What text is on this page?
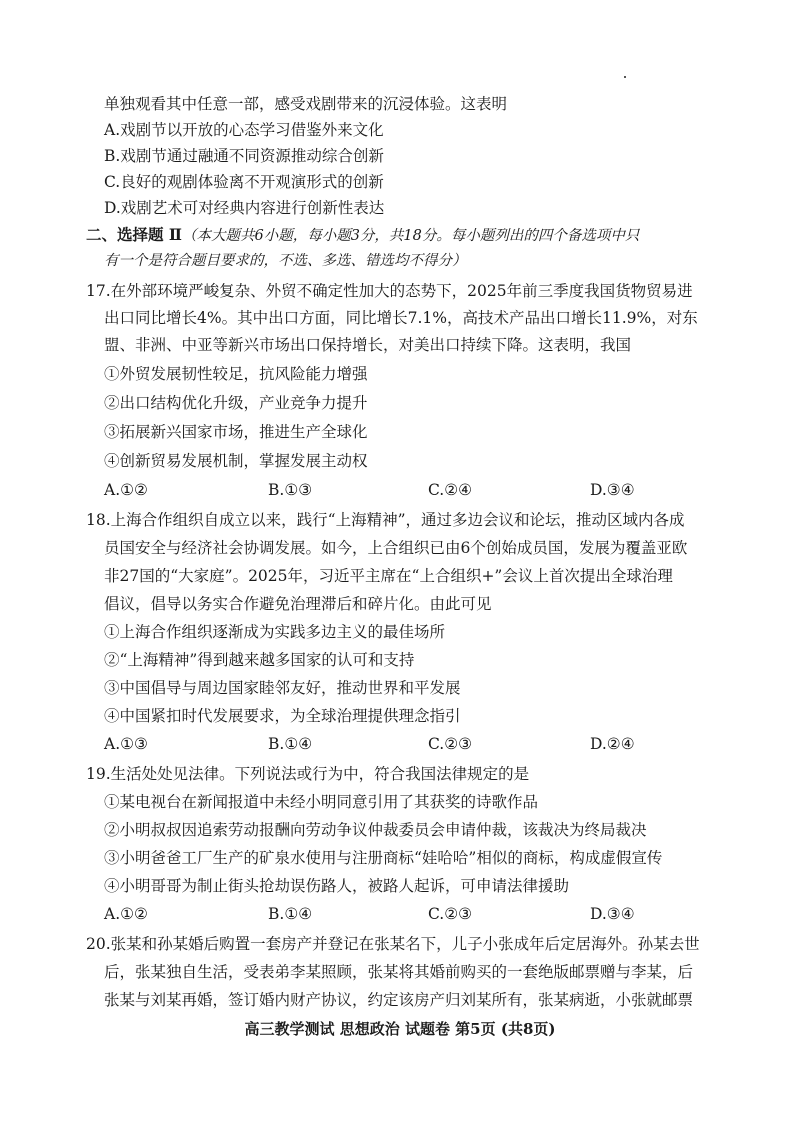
单独观看其中任意一部，感受戏剧带来的沉浸体验。这表明
A.戏剧节以开放的心态学习借鉴外来文化
B.戏剧节通过融通不同资源推动综合创新
C.良好的观剧体验离不开观演形式的创新
D.戏剧艺术可对经典内容进行创新性表达
二、选择题 Ⅱ（本大题共6小题，每小题3分，共18分。每小题列出的四个备选项中只
有一个是符合题目要求的，不选、多选、错选均不得分）
17.在外部环境严峻复杂、外贸不确定性加大的态势下，2025年前三季度我国货物贸易进
出口同比增长4%。其中出口方面，同比增长7.1%，高技术产品出口增长11.9%，对东
盟、非洲、中亚等新兴市场出口保持增长，对美出口持续下降。这表明，我国
①外贸发展韧性较足，抗风险能力增强
②出口结构优化升级，产业竞争力提升
③拓展新兴国家市场，推进生产全球化
④创新贸易发展机制，掌握发展主动权
A.①②	B.①③	C.②④	D.③④
18.上海合作组织自成立以来，践行“上海精神”，通过多边会议和论坛，推动区域内各成
员国安全与经济社会协调发展。如今，上合组织已由6个创始成员国，发展为覆盖亚欧
非27国的“大家庭”。2025年，习近平主席在“上合组织+”会议上首次提出全球治理
倡议，倡导以务实合作避免治理滞后和碎片化。由此可见
①上海合作组织逐渐成为实践多边主义的最佳场所
②“上海精神”得到越来越多国家的认可和支持
③中国倡导与周边国家睦邻友好，推动世界和平发展
④中国紧扣时代发展要求，为全球治理提供理念指引
A.①③	B.①④	C.②③	D.②④
19.生活处处见法律。下列说法或行为中，符合我国法律规定的是
①某电视台在新闻报道中未经小明同意引用了其获奖的诗歌作品
②小明叔叔因追索劳动报酬向劳动争议仲裁委员会申请仲裁，该裁决为终局裁决
③小明爸爸工厂生产的矿泉水使用与注册商标“娃哈哈”相似的商标，构成虚假宣传
④小明哥哥为制止街头抢劫误伤路人，被路人起诉，可申请法律援助
A.①②	B.①④	C.②③	D.③④
20.张某和孙某婚后购置一套房产并登记在张某名下，儿子小张成年后定居海外。孙某去世
后，张某独自生活，受表弟李某照顾，张某将其婚前购买的一套绝版邮票赠与李某，后
张某与刘某再婚，签订婚内财产协议，约定该房产归刘某所有，张某病逝，小张就邮票
高三教学测试 思想政治 试题卷 第5页 (共8页)
